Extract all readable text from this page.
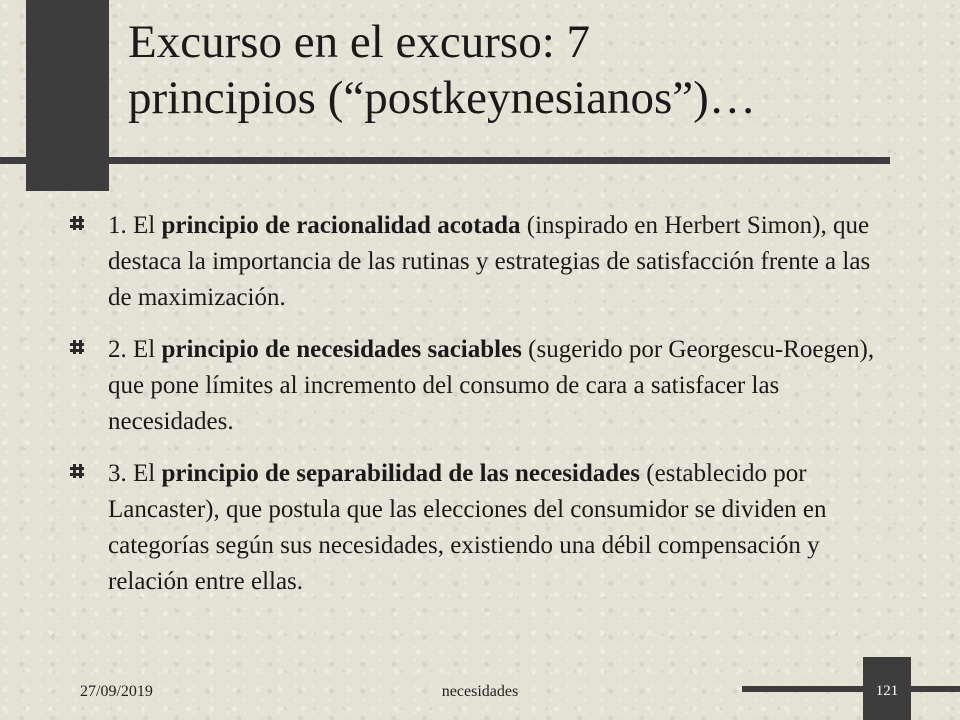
Excurso en el excurso: 7
principios (“postkeynesianos”)…

1. El principio de racionalidad acotada (inspirado en Herbert Simon), que destaca la importancia de las rutinas y estrategias de satisfacción frente a las de maximización.

2. El principio de necesidades saciables (sugerido por Georgescu-Roegen), que pone límites al incremento del consumo de cara a satisfacer las necesidades.

3. El principio de separabilidad de las necesidades (establecido por Lancaster), que postula que las elecciones del consumidor se dividen en categorías según sus necesidades, existiendo una débil compensación y relación entre ellas.

27/09/2019	necesidades	121
